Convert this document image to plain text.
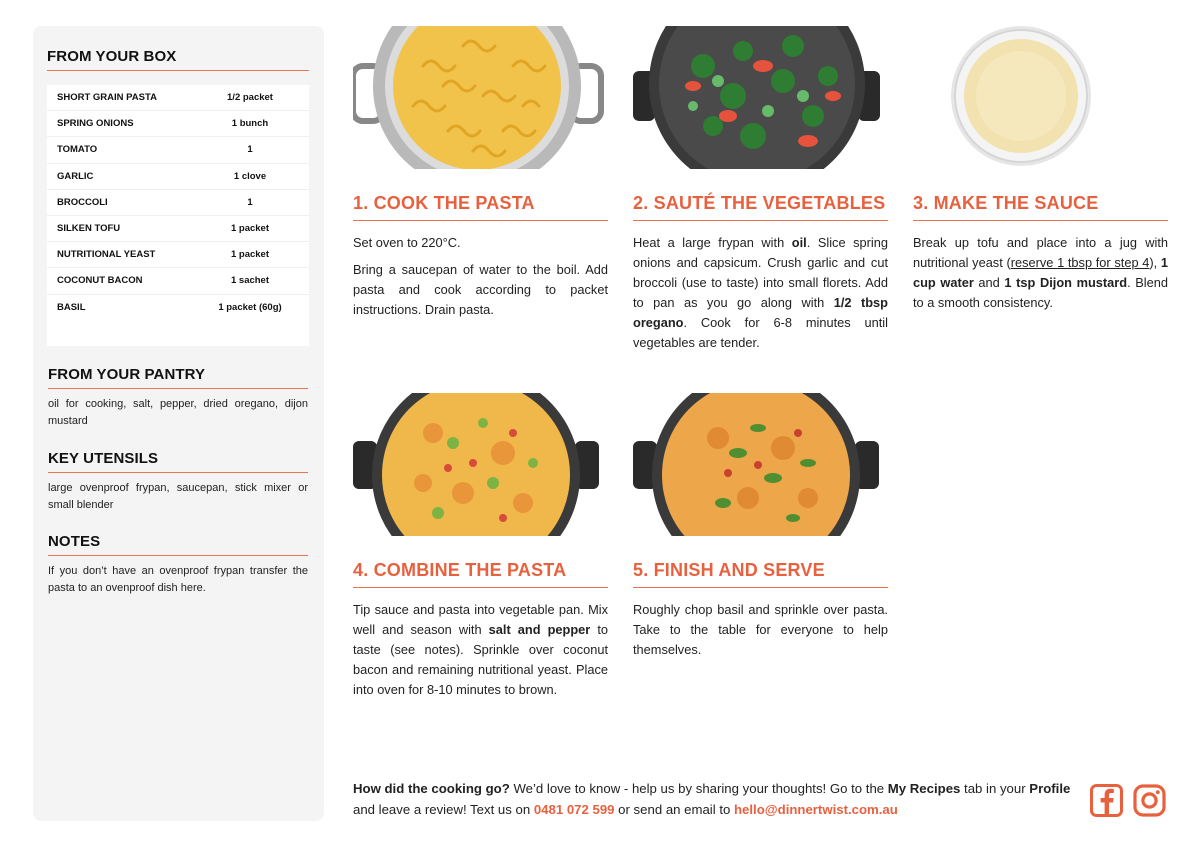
FROM YOUR BOX
SHORT GRAIN PASTA	1/2 packet
SPRING ONIONS	1 bunch
TOMATO	1
GARLIC	1 clove
BROCCOLI	1
SILKEN TOFU	1 packet
NUTRITIONAL YEAST	1 packet
COCONUT BACON	1 sachet
BASIL	1 packet (60g)
FROM YOUR PANTRY
oil for cooking, salt, pepper, dried oregano, dijon mustard
KEY UTENSILS
large ovenproof frypan, saucepan, stick mixer or small blender
NOTES
If you don’t have an ovenproof frypan transfer the pasta to an ovenproof dish here.
1. COOK THE PASTA

Set oven to 220°C.

Bring a saucepan of water to the boil. Add pasta and cook according to packet instructions. Drain pasta.

2. SAUTÉ THE VEGETABLES

Heat a large frypan with oil. Slice spring onions and capsicum. Crush garlic and cut broccoli (use to taste) into small florets. Add to pan as you go along with 1/2 tbsp oregano. Cook for 6-8 minutes until vegetables are tender.

3. MAKE THE SAUCE

Break up tofu and place into a jug with nutritional yeast (reserve 1 tbsp for step 4), 1 cup water and 1 tsp Dijon mustard. Blend to a smooth consistency.

4. COMBINE THE PASTA

Tip sauce and pasta into vegetable pan. Mix well and season with salt and pepper to taste (see notes). Sprinkle over coconut bacon and remaining nutritional yeast. Place into oven for 8-10 minutes to brown.

5. FINISH AND SERVE

Roughly chop basil and sprinkle over pasta. Take to the table for everyone to help themselves.

How did the cooking go? We’d love to know - help us by sharing your thoughts! Go to the My Recipes tab in your Profile and leave a review! Text us on 0481 072 599 or send an email to hello@dinnertwist.com.au
